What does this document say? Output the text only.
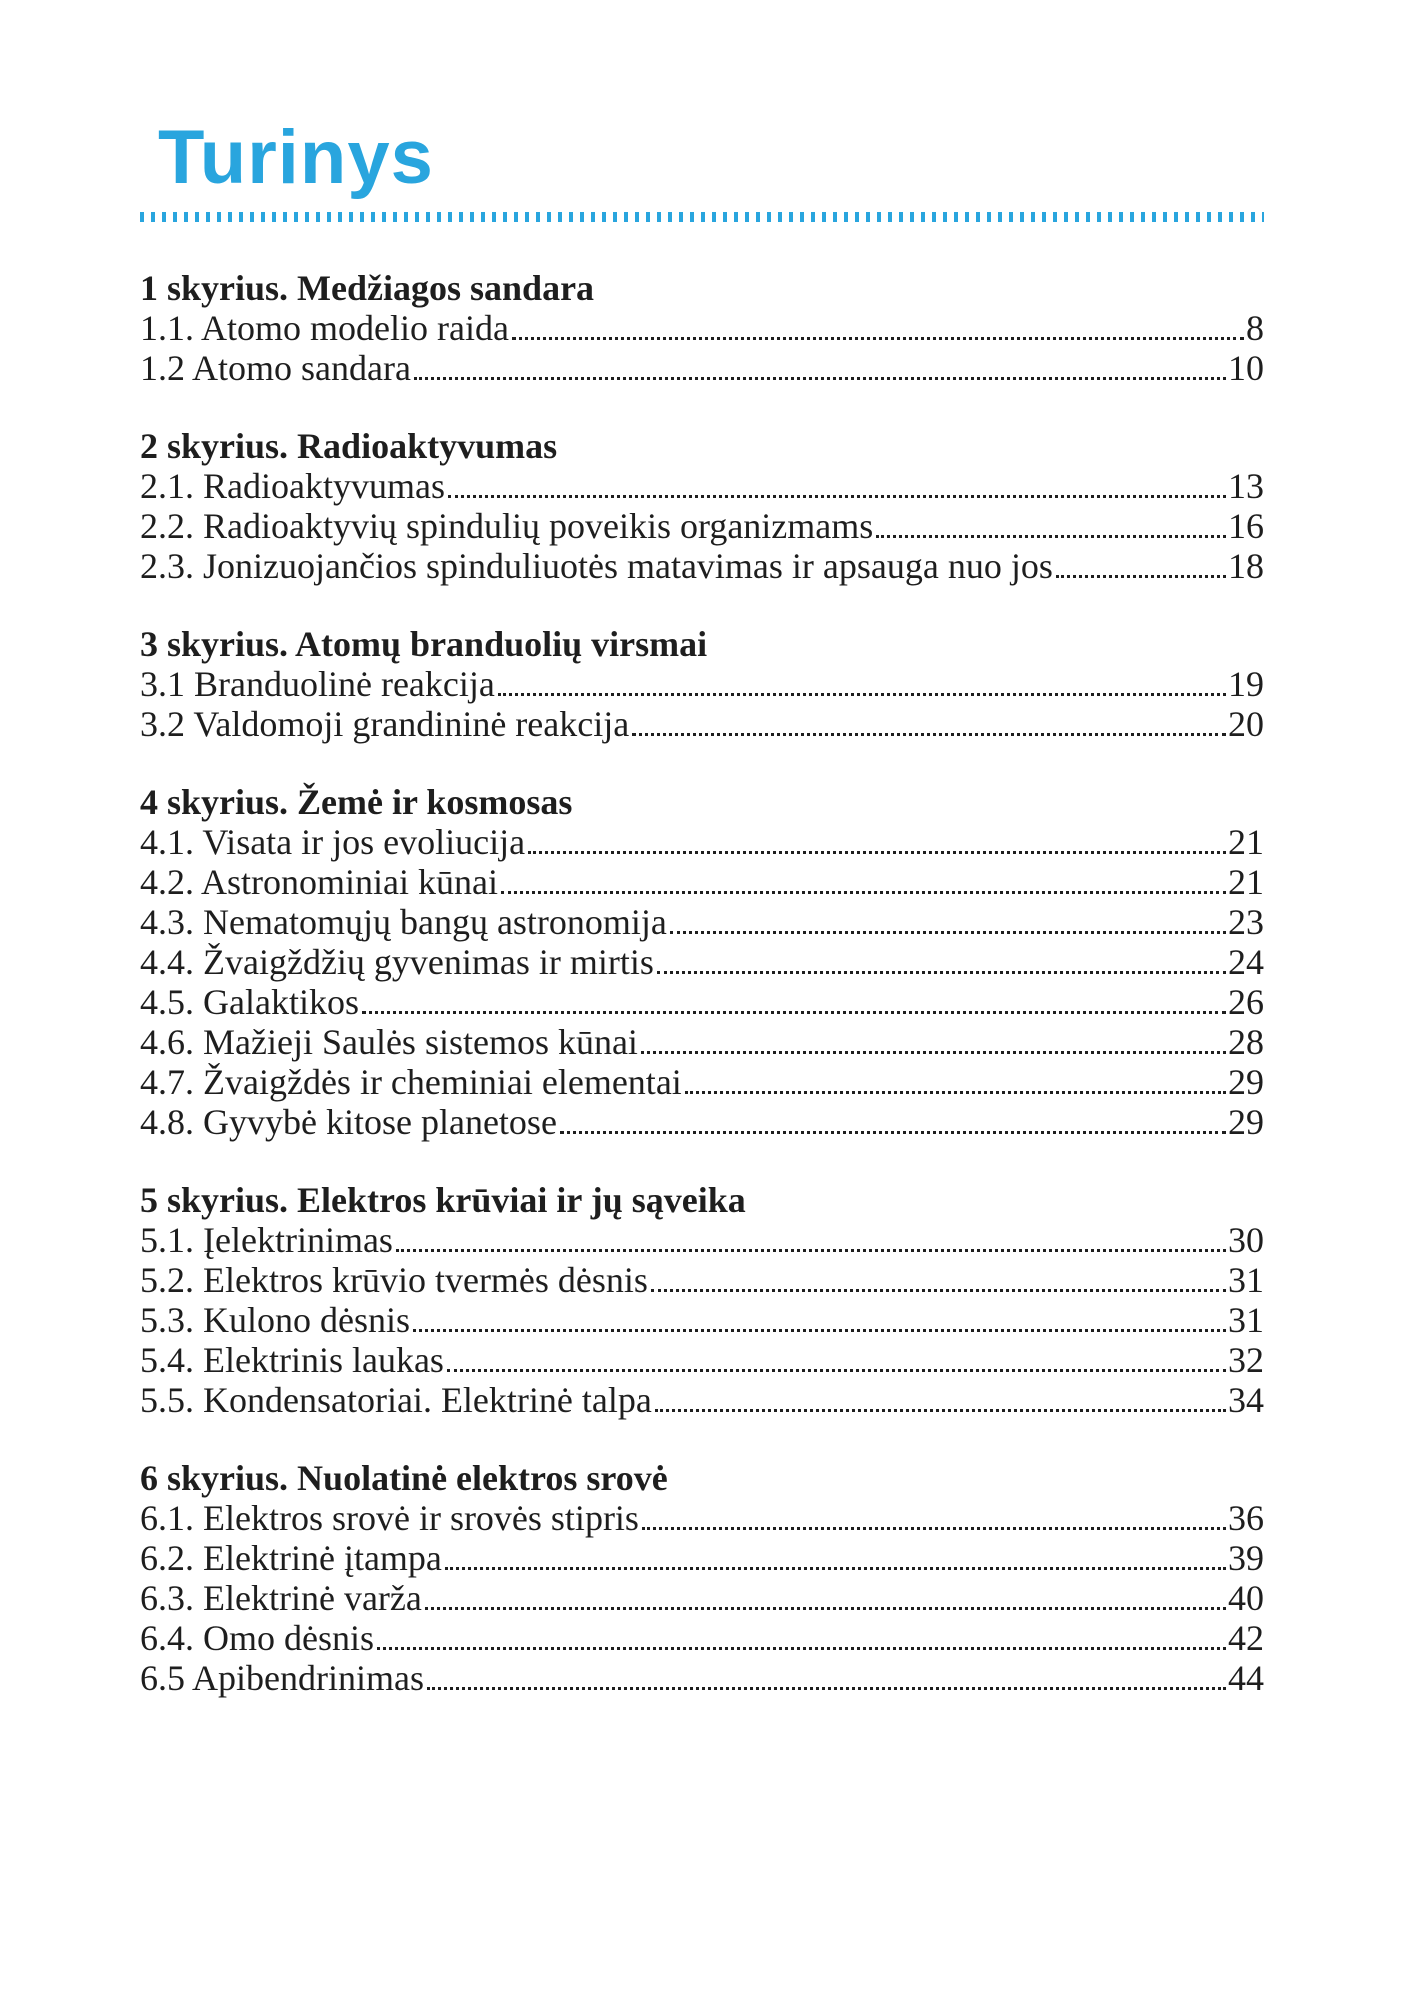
Turinys
1 skyrius. Medžiagos sandara
1.1. Atomo modelio raida	8
1.2 Atomo sandara	10
2 skyrius. Radioaktyvumas
2.1. Radioaktyvumas	13
2.2. Radioaktyvių spindulių poveikis organizmams	16
2.3. Jonizuojančios spinduliuotės matavimas ir apsauga nuo jos	18
3 skyrius. Atomų branduolių virsmai
3.1 Branduolinė reakcija	19
3.2 Valdomoji grandininė reakcija	20
4 skyrius. Žemė ir kosmosas
4.1. Visata ir jos evoliucija	21
4.2. Astronominiai kūnai	21
4.3. Nematomųjų bangų astronomija	23
4.4. Žvaigždžių gyvenimas ir mirtis	24
4.5. Galaktikos	26
4.6. Mažieji Saulės sistemos kūnai	28
4.7. Žvaigždės ir cheminiai elementai	29
4.8. Gyvybė kitose planetose	29
5 skyrius. Elektros krūviai ir jų sąveika
5.1. Įelektrinimas	30
5.2. Elektros krūvio tvermės dėsnis	31
5.3. Kulono dėsnis	31
5.4. Elektrinis laukas	32
5.5. Kondensatoriai. Elektrinė talpa	34
6 skyrius. Nuolatinė elektros srovė
6.1. Elektros srovė ir srovės stipris	36
6.2. Elektrinė įtampa	39
6.3. Elektrinė varža	40
6.4. Omo dėsnis	42
6.5 Apibendrinimas	44
